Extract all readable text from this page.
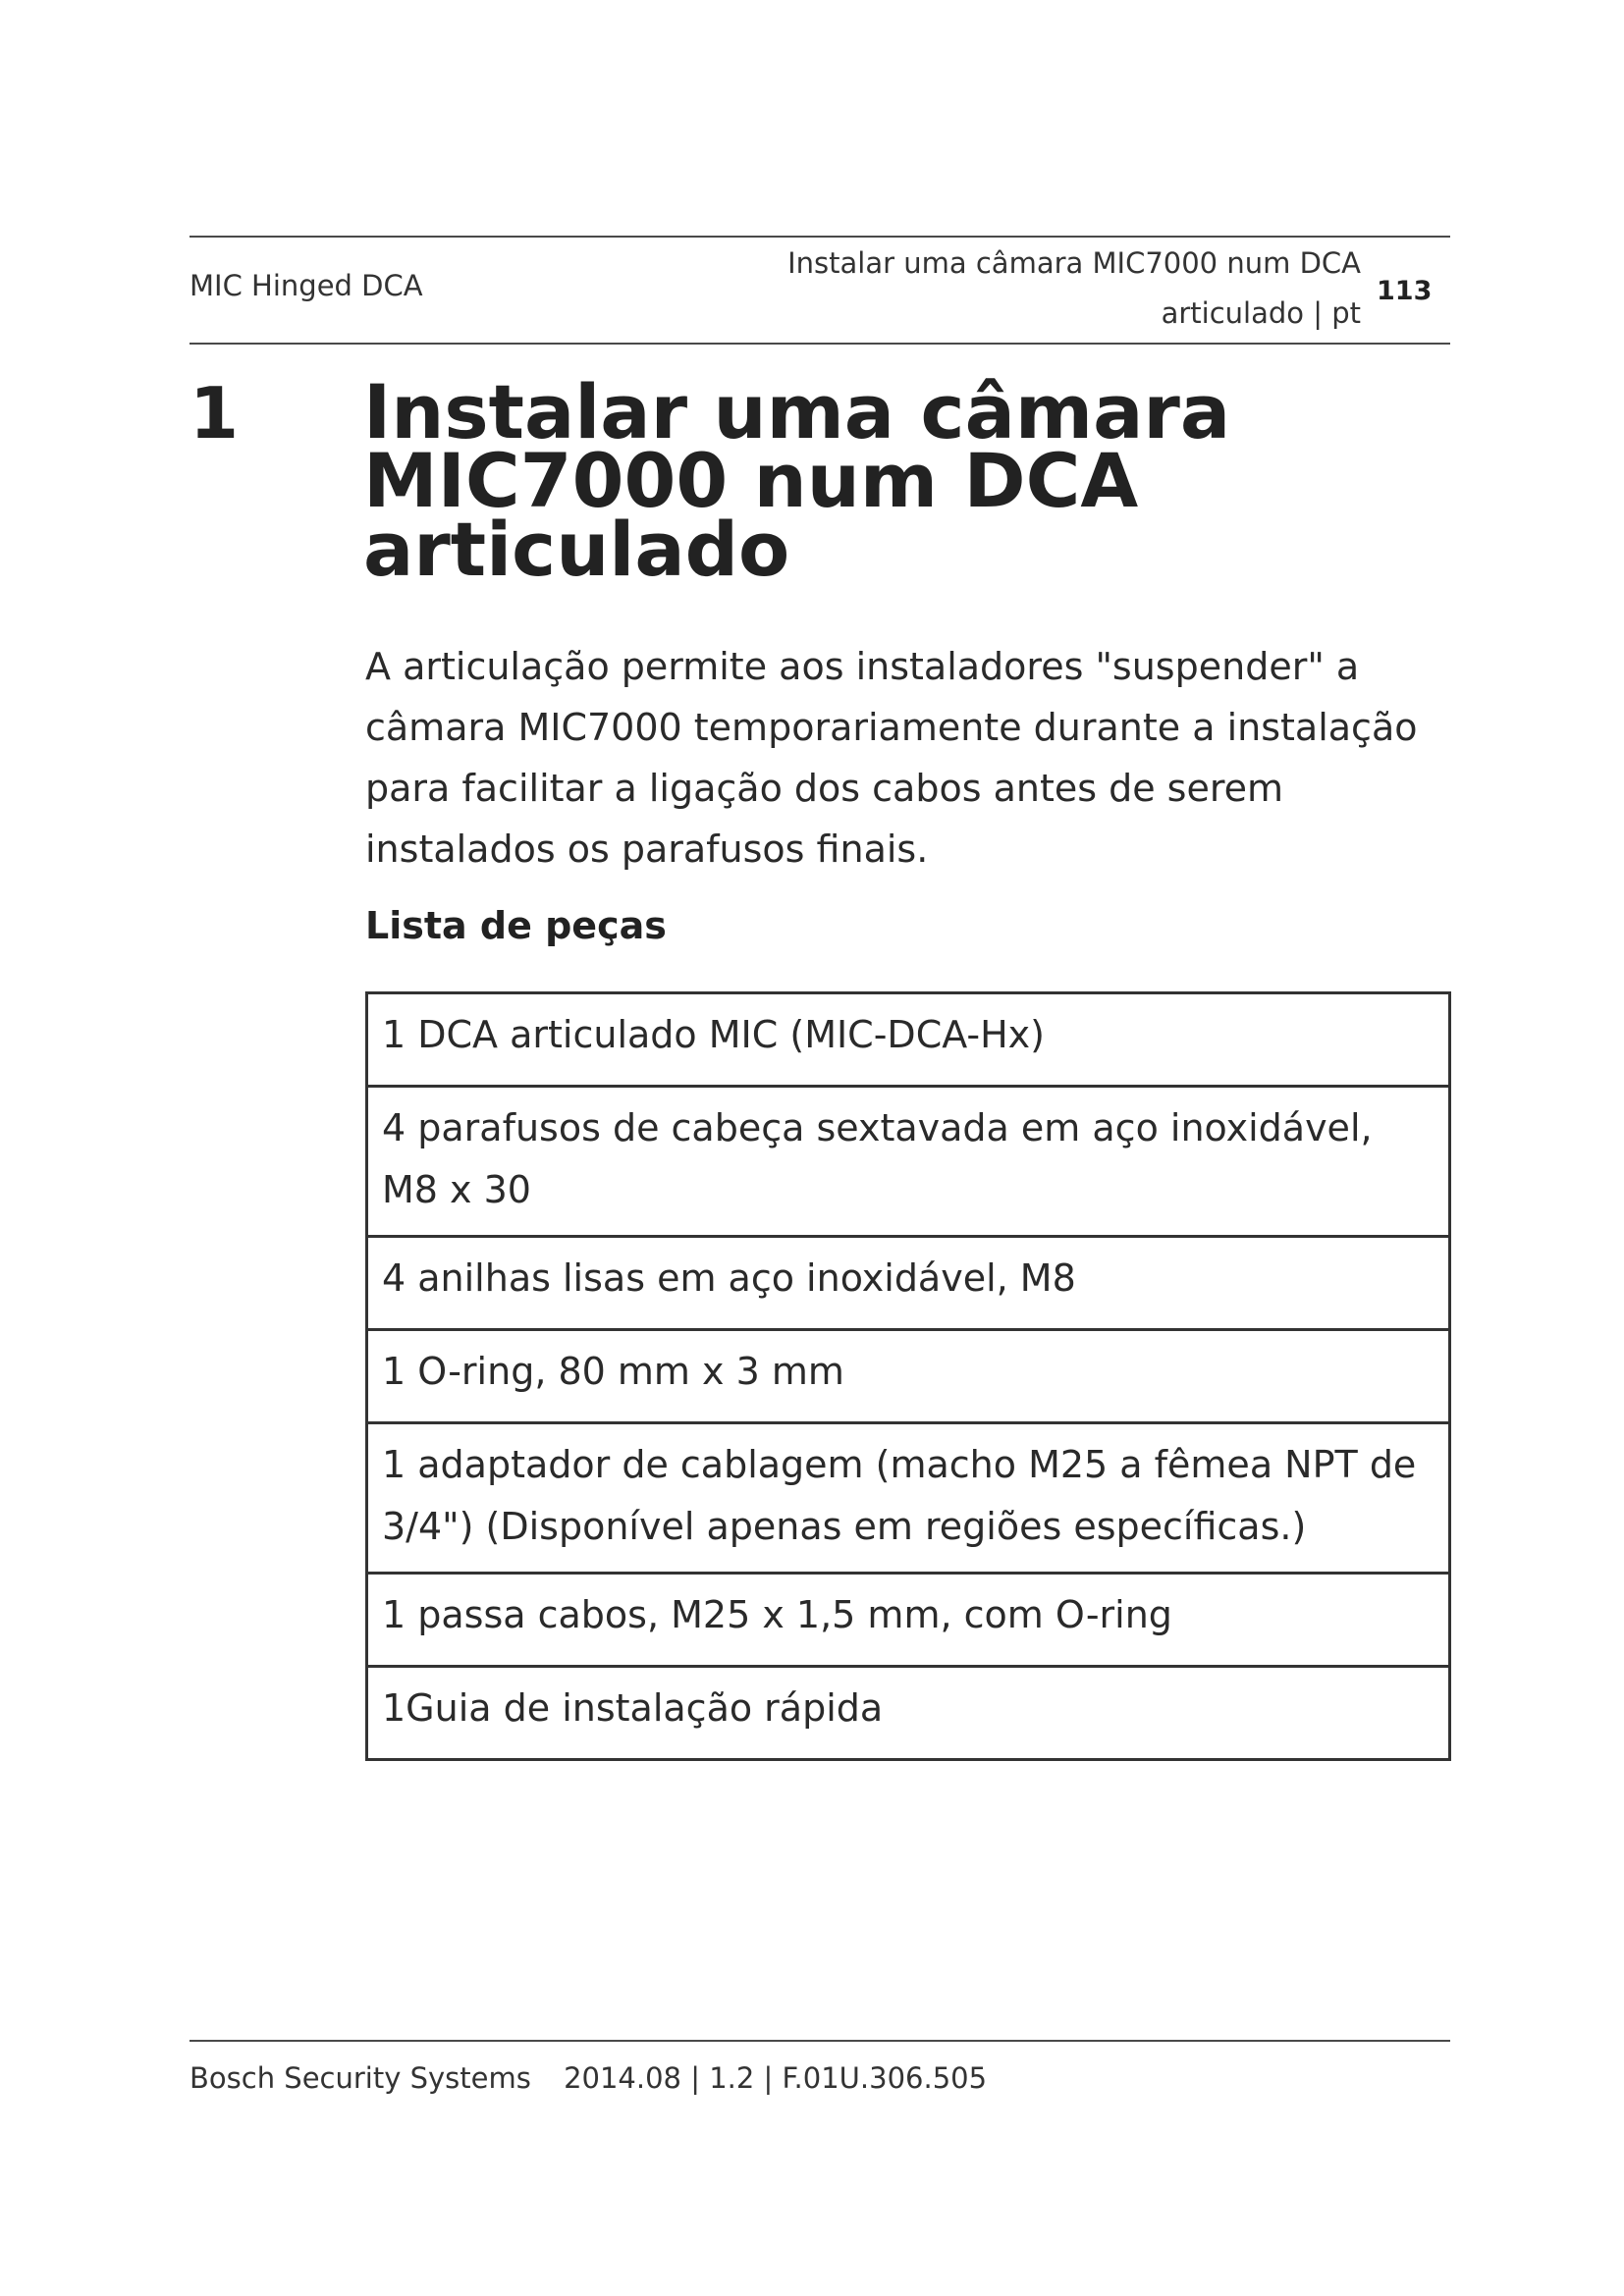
MIC Hinged DCA
Instalar uma câmara MIC7000 num DCA
articulado | pt
113
1 Instalar uma câmara
MIC7000 num DCA
articulado
A articulação permite aos instaladores "suspender" a
câmara MIC7000 temporariamente durante a instalação
para facilitar a ligação dos cabos antes de serem
instalados os parafusos finais.
Lista de peças
1 DCA articulado MIC (MIC-DCA-Hx)

4 parafusos de cabeça sextavada em aço inoxidável,
M8 x 30

4 anilhas lisas em aço inoxidável, M8

1 O-ring, 80 mm x 3 mm

1 adaptador de cablagem (macho M25 a fêmea NPT de
3/4") (Disponível apenas em regiões específicas.)

1 passa cabos, M25 x 1,5 mm, com O-ring

1Guia de instalação rápida
Bosch Security Systems 2014.08 | 1.2 | F.01U.306.505
